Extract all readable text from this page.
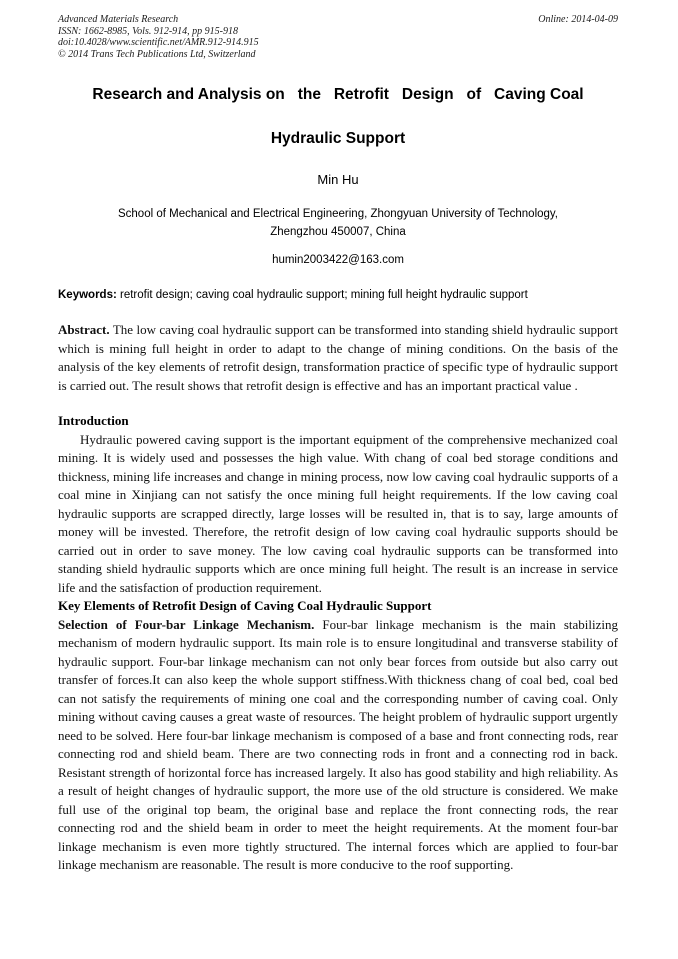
Advanced Materials Research
ISSN: 1662-8985, Vols. 912-914, pp 915-918
doi:10.4028/www.scientific.net/AMR.912-914.915
© 2014 Trans Tech Publications Ltd, Switzerland
Online: 2014-04-09
Research and Analysis on   the   Retrofit   Design   of   Caving Coal
Hydraulic Support
Min Hu
School of Mechanical and Electrical Engineering, Zhongyuan University of Technology,
Zhengzhou 450007, China
humin2003422@163.com

Keywords: retrofit design; caving coal hydraulic support; mining full height hydraulic support

Abstract. The low caving coal hydraulic support can be transformed into standing shield hydraulic support which is mining full height in order to adapt to the change of mining conditions. On the basis of the analysis of the key elements of retrofit design, transformation practice of specific type of hydraulic support is carried out. The result shows that retrofit design is effective and has an important practical value .

Introduction

Hydraulic powered caving support is the important equipment of the comprehensive mechanized coal mining. It is widely used and possesses the high value. With chang of coal bed storage conditions and thickness, mining life increases and change in mining process, now low caving coal hydraulic supports of a coal mine in Xinjiang can not satisfy the once mining full height requirements. If the low caving coal hydraulic supports are scrapped directly, large losses will be resulted in, that is to say, large amounts of money will be invested. Therefore, the retrofit design of low caving coal hydraulic supports should be carried out in order to save money. The low caving coal hydraulic supports can be transformed into standing shield hydraulic supports which are once mining full height. The result is an increase in service life and the satisfaction of production requirement.

Key Elements of Retrofit Design of Caving Coal Hydraulic Support

Selection of Four-bar Linkage Mechanism. Four-bar linkage mechanism is the main stabilizing mechanism of modern hydraulic support. Its main role is to ensure longitudinal and transverse stability of hydraulic support. Four-bar linkage mechanism can not only bear forces from outside but also carry out transfer of forces.It can also keep the whole support stiffness.With thickness chang of coal bed, coal bed can not satisfy the requirements of mining one coal and the corresponding number of caving coal. Only mining without caving causes a great waste of resources. The height problem of hydraulic support urgently need to be solved. Here four-bar linkage mechanism is composed of a base and front connecting rods, rear connecting rod and shield beam. There are two connecting rods in front and a connecting rod in back. Resistant strength of horizontal force has increased largely. It also has good stability and high reliability. As a result of height changes of hydraulic support, the more use of the old structure is considered. We make full use of the original top beam, the original base and replace the front connecting rods, the rear connecting rod and the shield beam in order to meet the height requirements. At the moment four-bar linkage mechanism is even more tightly structured. The internal forces which are applied to four-bar linkage mechanism are reasonable. The result is more conducive to the roof supporting.
